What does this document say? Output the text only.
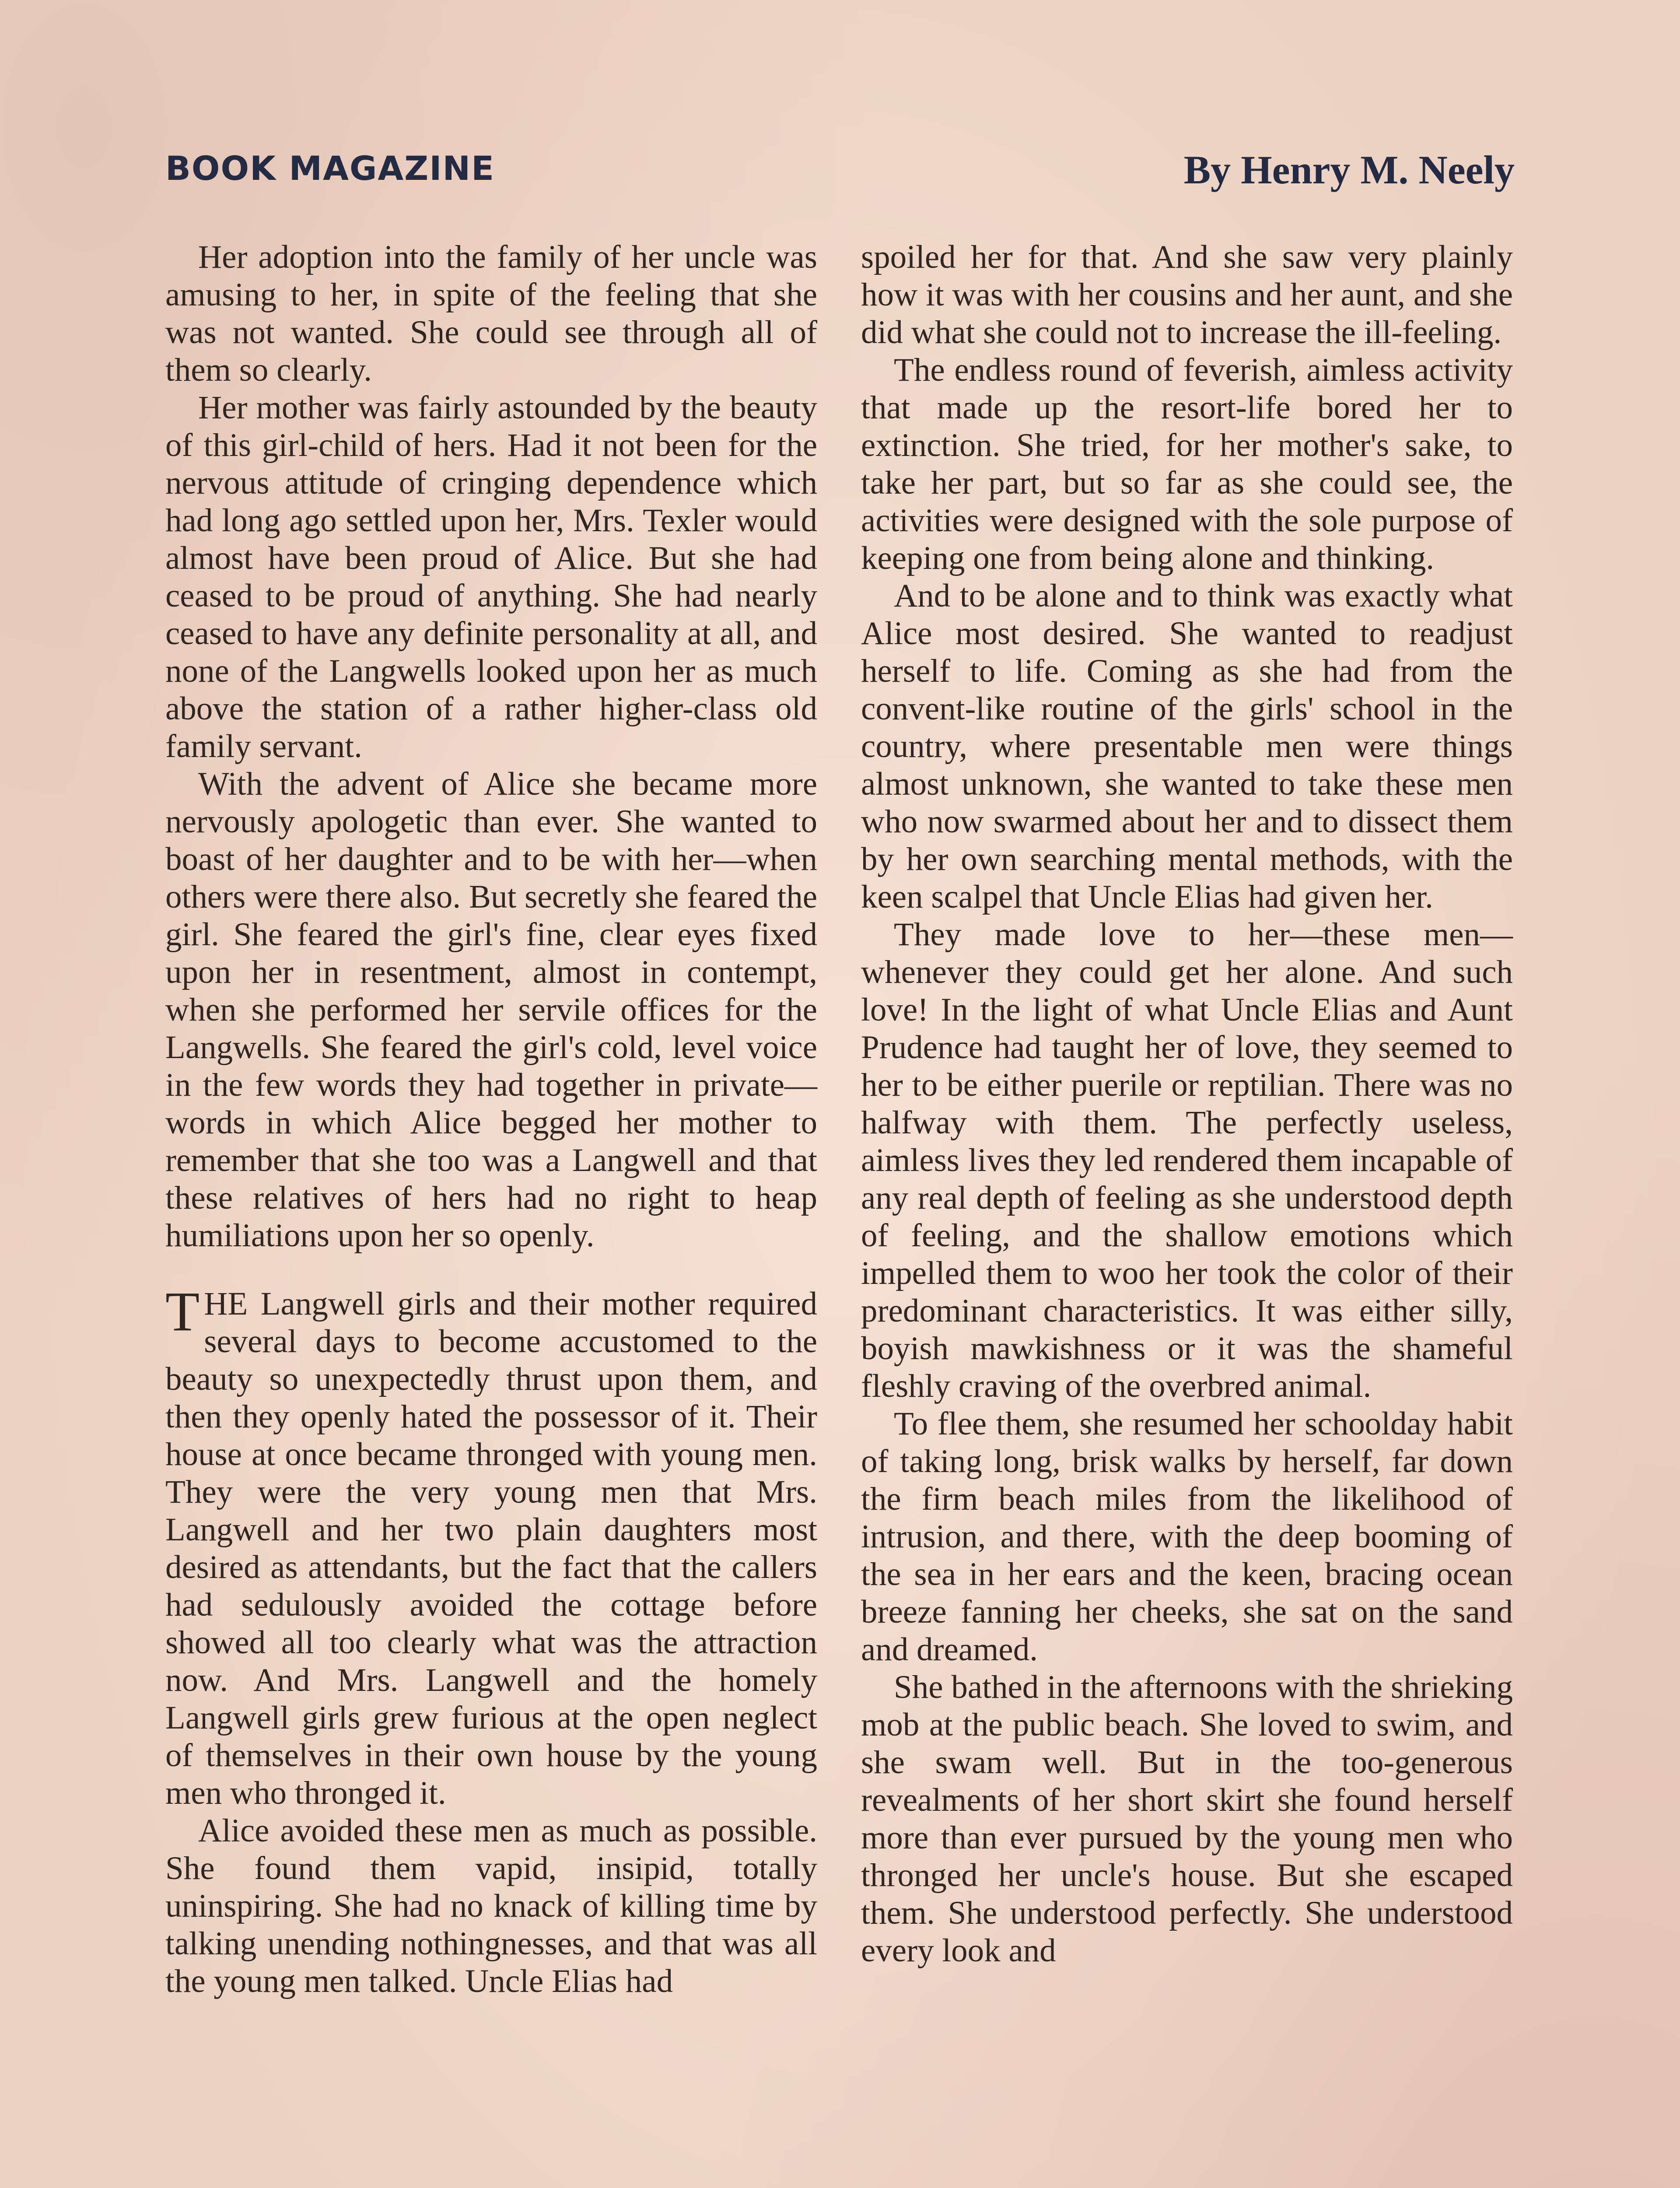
BOOK MAGAZINE	By Henry M. Neely

Her adoption into the family of her uncle was amusing to her, in spite of the feeling that she was not wanted. She could see through all of them so clearly.

Her mother was fairly astounded by the beauty of this girl-child of hers. Had it not been for the nervous attitude of cringing dependence which had long ago settled upon her, Mrs. Texler would almost have been proud of Alice. But she had ceased to be proud of anything. She had nearly ceased to have any definite personality at all, and none of the Langwells looked upon her as much above the station of a rather higher-class old family servant.

With the advent of Alice she became more nervously apologetic than ever. She wanted to boast of her daughter and to be with her—when others were there also. But secretly she feared the girl. She feared the girl's fine, clear eyes fixed upon her in resentment, almost in contempt, when she performed her servile offices for the Langwells. She feared the girl's cold, level voice in the few words they had together in private—words in which Alice begged her mother to remember that she too was a Langwell and that these relatives of hers had no right to heap humiliations upon her so openly.

THE Langwell girls and their mother required several days to become accustomed to the beauty so unexpectedly thrust upon them, and then they openly hated the possessor of it. Their house at once became thronged with young men. They were the very young men that Mrs. Langwell and her two plain daughters most desired as attendants, but the fact that the callers had sedulously avoided the cottage before showed all too clearly what was the attraction now. And Mrs. Langwell and the homely Langwell girls grew furious at the open neglect of themselves in their own house by the young men who thronged it.

Alice avoided these men as much as possible. She found them vapid, insipid, totally uninspiring. She had no knack of killing time by talking unending nothingnesses, and that was all the young men talked. Uncle Elias had

spoiled her for that. And she saw very plainly how it was with her cousins and her aunt, and she did what she could not to increase the ill-feeling.

The endless round of feverish, aimless activity that made up the resort-life bored her to extinction. She tried, for her mother's sake, to take her part, but so far as she could see, the activities were designed with the sole purpose of keeping one from being alone and thinking.

And to be alone and to think was exactly what Alice most desired. She wanted to readjust herself to life. Coming as she had from the convent-like routine of the girls' school in the country, where presentable men were things almost unknown, she wanted to take these men who now swarmed about her and to dissect them by her own searching mental methods, with the keen scalpel that Uncle Elias had given her.

They made love to her—these men—whenever they could get her alone. And such love! In the light of what Uncle Elias and Aunt Prudence had taught her of love, they seemed to her to be either puerile or reptilian. There was no halfway with them. The perfectly useless, aimless lives they led rendered them incapable of any real depth of feeling as she understood depth of feeling, and the shallow emotions which impelled them to woo her took the color of their predominant characteristics. It was either silly, boyish mawkishness or it was the shameful fleshly craving of the overbred animal.

To flee them, she resumed her schoolday habit of taking long, brisk walks by herself, far down the firm beach miles from the likelihood of intrusion, and there, with the deep booming of the sea in her ears and the keen, bracing ocean breeze fanning her cheeks, she sat on the sand and dreamed.

She bathed in the afternoons with the shrieking mob at the public beach. She loved to swim, and she swam well. But in the too-generous revealments of her short skirt she found herself more than ever pursued by the young men who thronged her uncle's house. But she escaped them. She understood perfectly. She understood every look and
